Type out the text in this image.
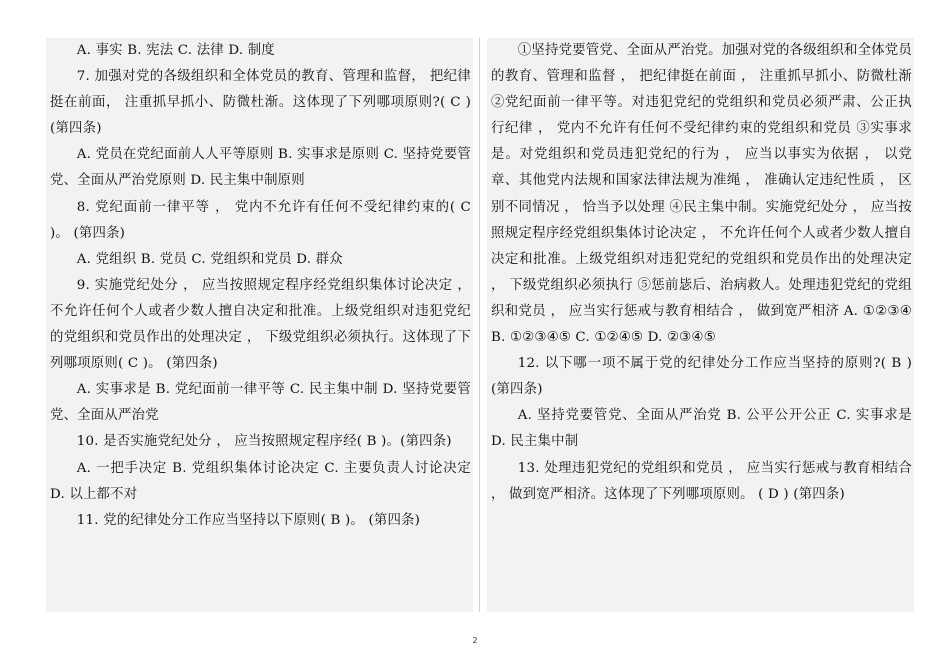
A. 事实 B. 宪法 C. 法律 D. 制度

7. 加强对党的各级组织和全体党员的教育、管理和监督， 把纪律挺在前面， 注重抓早抓小、防微杜渐。这体现了下列哪项原则?( C ) (第四条)

A. 党员在党纪面前人人平等原则 B. 实事求是原则 C. 坚持党要管党、全面从严治党原则 D. 民主集中制原则

8. 党纪面前一律平等 ， 党内不允许有任何不受纪律约束的( C )。 (第四条)

A. 党组织 B. 党员 C. 党组织和党员 D. 群众

9. 实施党纪处分 ， 应当按照规定程序经党组织集体讨论决定 ， 不允许任何个人或者少数人擅自决定和批准。上级党组织对违犯党纪的党组织和党员作出的处理决定 ， 下级党组织必须执行。这体现了下列哪项原则( C )。 (第四条)

A. 实事求是 B. 党纪面前一律平等 C. 民主集中制 D. 坚持党要管党、全面从严治党

10. 是否实施党纪处分 ， 应当按照规定程序经( B )。(第四条)

A. 一把手决定 B. 党组织集体讨论决定 C. 主要负责人讨论决定 D. 以上都不对

11. 党的纪律处分工作应当坚持以下原则( B )。 (第四条)

①坚持党要管党、全面从严治党。加强对党的各级组织和全体党员的教育、管理和监督 ， 把纪律挺在前面 ， 注重抓早抓小、防微杜渐 ②党纪面前一律平等。对违犯党纪的党组织和党员必须严肃、公正执行纪律 ， 党内不允许有任何不受纪律约束的党组织和党员 ③实事求是。对党组织和党员违犯党纪的行为 ， 应当以事实为依据 ， 以党章、其他党内法规和国家法律法规为准绳 ， 准确认定违纪性质 ， 区别不同情况 ， 恰当予以处理 ④民主集中制。实施党纪处分 ， 应当按照规定程序经党组织集体讨论决定 ， 不允许任何个人或者少数人擅自决定和批准。上级党组织对违犯党纪的党组织和党员作出的处理决定 ， 下级党组织必须执行 ⑤惩前毖后、治病救人。处理违犯党纪的党组织和党员 ， 应当实行惩戒与教育相结合 ， 做到宽严相济 A. ①②③④ B. ①②③④⑤ C. ①②④⑤ D. ②③④⑤

12. 以下哪一项不属于党的纪律处分工作应当坚持的原则?( B ) (第四条)

A. 坚持党要管党、全面从严治党 B. 公平公开公正 C. 实事求是 D. 民主集中制

13. 处理违犯党纪的党组织和党员 ， 应当实行惩戒与教育相结合 ， 做到宽严相济。这体现了下列哪项原则。 ( D ) (第四条)

2
